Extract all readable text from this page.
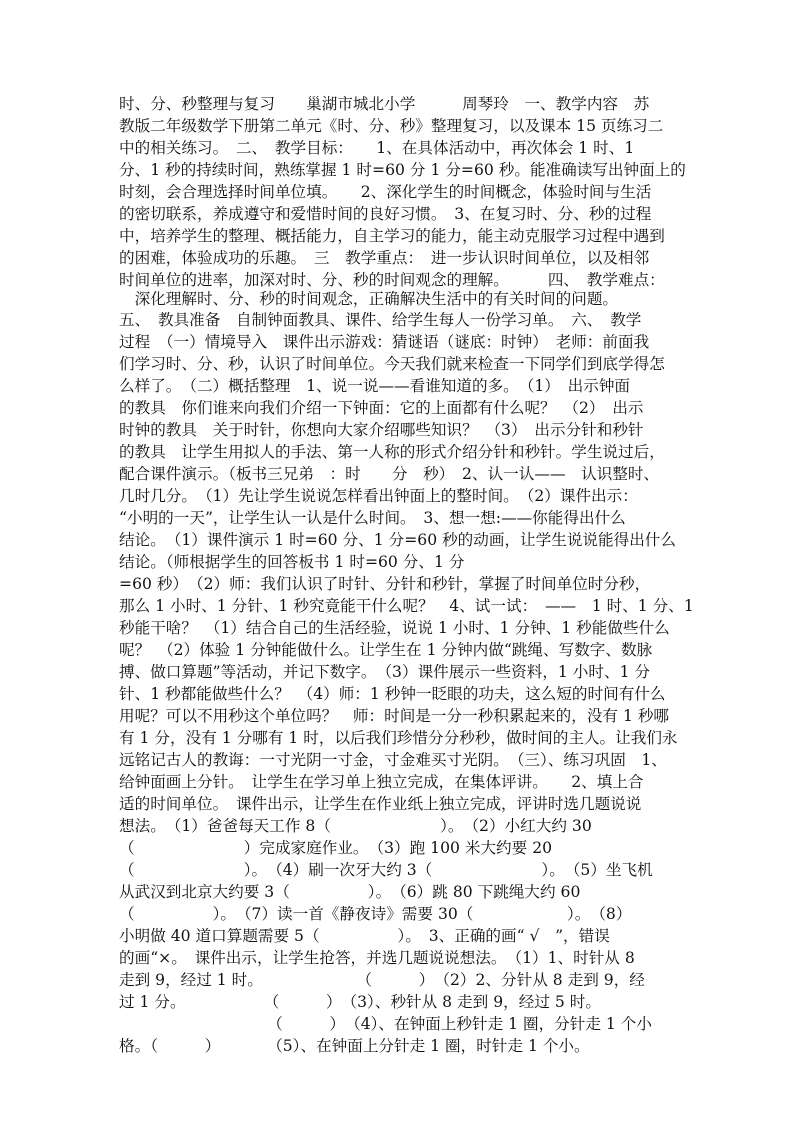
时、分、秒整理与复习　　巢湖市城北小学　　　周琴玲　一、教学内容　苏
教版二年级数学下册第二单元《时、分、秒》整理复习，以及课本 15 页练习二
中的相关练习。　二、　教学目标：　　1、在具体活动中，再次体会 1 时、1
分、1 秒的持续时间，熟练掌握 1 时=60 分 1 分=60 秒。能准确读写出钟面上的
时刻，会合理选择时间单位填。　　2、深化学生的时间概念，体验时间与生活
的密切联系，养成遵守和爱惜时间的良好习惯。　3、在复习时、分、秒的过程
中，培养学生的整理、概括能力，自主学习的能力，能主动克服学习过程中遇到
的困难，体验成功的乐趣。　三　教学重点：　进一步认识时间单位，以及相邻
时间单位的进率，加深对时、分、秒的时间观念的理解。　　　四、　教学难点：
　深化理解时、分、秒的时间观念，正确解决生活中的有关时间的问题。
五、　教具准备　自制钟面教具、课件、给学生每人一份学习单。　六、　教学
过程　（一）情境导入　课件出示游戏：猜谜语（谜底：时钟）　老师：前面我
们学习时、分、秒，认识了时间单位。今天我们就来检查一下同学们到底学得怎
么样了。　（二）概括整理　1、说一说——看谁知道的多。　（1）　出示钟面
的教具　你们谁来向我们介绍一下钟面：它的上面都有什么呢？　（2）　出示
时钟的教具　关于时针，你想向大家介绍哪些知识？　（3）　出示分针和秒针
的教具　让学生用拟人的手法、第一人称的形式介绍分针和秒针。学生说过后，
配合课件演示。（板书三兄弟　：时　　分　秒）　2、认一认——　认识整时、
几时几分。　（1）先让学生说说怎样看出钟面上的整时间。　（2）课件出示：
“小明的一天”，让学生认一认是什么时间。　3、想一想:——你能得出什么
结论。　（1）课件演示 1 时=60 分、1 分=60 秒的动画，让学生说说能得出什么
结论。（师根据学生的回答板书 1 时=60 分、1 分
=60 秒）　（2）师：我们认识了时针、分针和秒针，掌握了时间单位时分秒，
那么 1 小时、1 分针、1 秒究竟能干什么呢？　4、试一试：　——　1 时、1 分、1
秒能干啥？　（1）结合自己的生活经验，说说 1 小时、1 分钟、1 秒能做些什么
呢？　（2）体验 1 分钟能做什么。让学生在 1 分钟内做“跳绳、写数字、数脉
搏、做口算题”等活动，并记下数字。　（3）课件展示一些资料，1 小时、1 分
针、1 秒都能做些什么？　（4）师：1 秒钟一眨眼的功夫，这么短的时间有什么
用呢？可以不用秒这个单位吗？　师：时间是一分一秒积累起来的，没有 1 秒哪
有 1 分，没有 1 分哪有 1 时，以后我们珍惜分分秒秒，做时间的主人。让我们永
远铭记古人的教诲：一寸光阴一寸金，寸金难买寸光阴。　（三）、练习巩固　1、
给钟面画上分针。　让学生在学习单上独立完成，在集体评讲。　　2、填上合
适的时间单位。　课件出示，让学生在作业纸上独立完成，评讲时选几题说说
想法。　（1）爸爸每天工作 8（　　　　　　　）。　（2）小红大约 30
（　　　　　　　）完成家庭作业。　（3）跑 100 米大约要 20
（　　　　　　　）。　（4）刷一次牙大约 3（　　　　　　　）。　（5）坐飞机
从武汉到北京大约要 3（　　　　　）。　（6）跳 80 下跳绳大约 60
（　　　　　）。　（7）读一首《静夜诗》需要 30（　　　　　　）。　（8）
小明做 40 道口算题需要 5（　　　　　）。　3、正确的画“ √　”，错误
的画“×。　课件出示，让学生抢答，并选几题说说想法。　（1）1、时针从 8
走到 9，经过 1 时。　　　　　　　（　　　）　（2）2、分针从 8 走到 9，经
过 1 分。　　　　　　（　　　）　（3）、秒针从 8 走到 9，经过 5 时。
　　　　　　　　　　（　　　）　（4）、在钟面上秒针走 1 圈，分针走 1 个小
格。（　　　）　　　　（5）、在钟面上分针走 1 圈，时针走 1 个小。
